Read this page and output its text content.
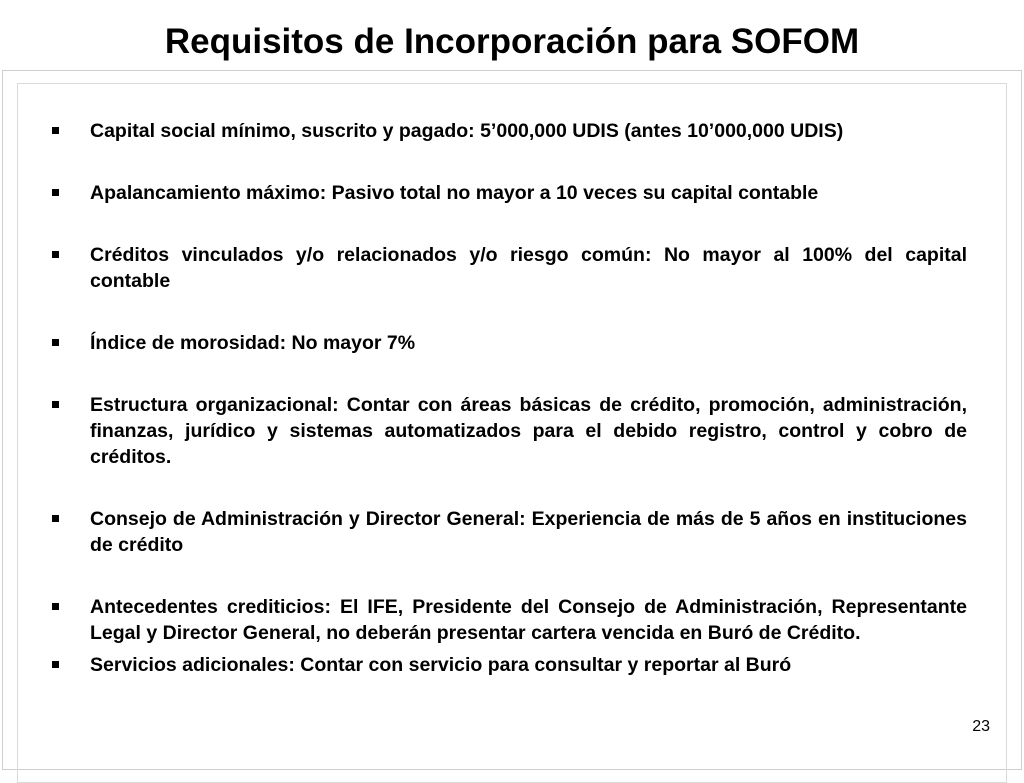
Requisitos de Incorporación para SOFOM
Capital social mínimo, suscrito y pagado: 5’000,000 UDIS (antes 10’000,000 UDIS)
Apalancamiento máximo: Pasivo total no mayor a 10 veces su capital contable
Créditos vinculados y/o relacionados y/o riesgo común: No mayor al 100% del capital contable
Índice de morosidad: No mayor 7%
Estructura organizacional: Contar con áreas básicas de crédito, promoción, administración, finanzas, jurídico y sistemas automatizados para el debido registro, control y cobro de créditos.
Consejo de Administración y Director General: Experiencia de más de 5 años en instituciones de crédito
Antecedentes crediticios: El IFE, Presidente del Consejo de Administración, Representante Legal y Director General, no deberán presentar cartera vencida en Buró de Crédito.
Servicios adicionales: Contar con servicio para consultar y reportar al Buró
23
